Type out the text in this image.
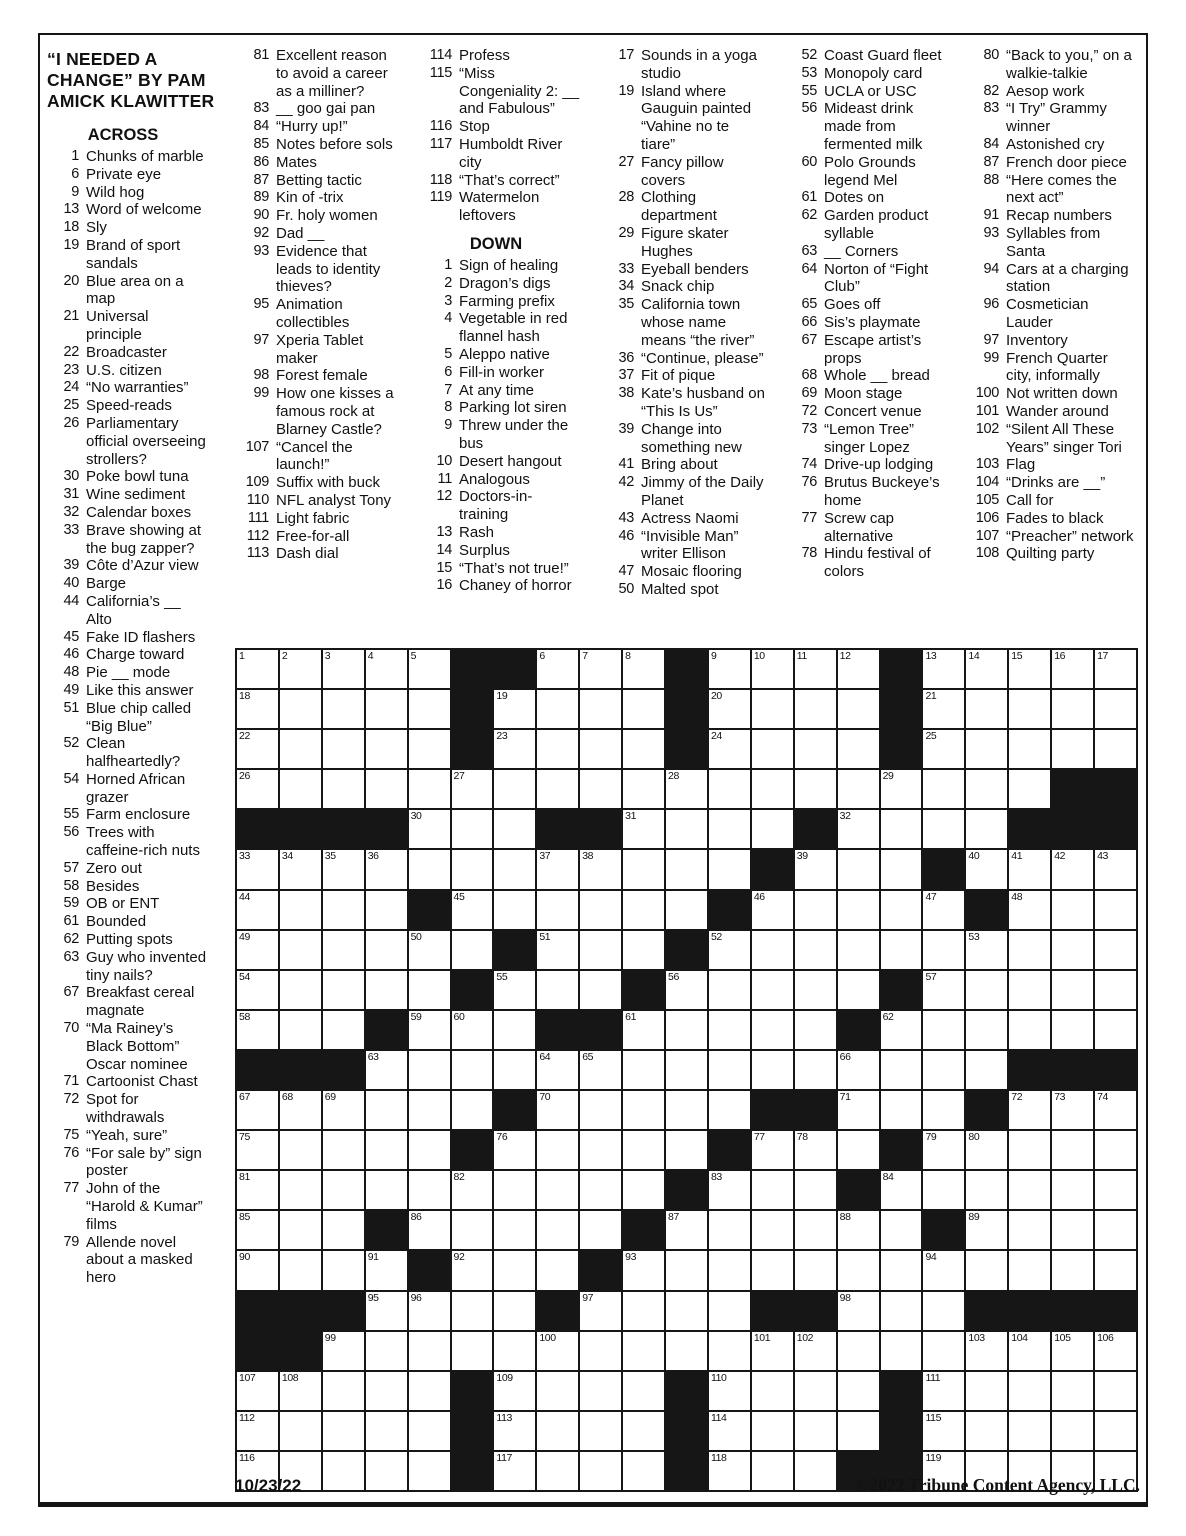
“I NEEDED A CHANGE” BY PAM AMICK KLAWITTER
ACROSS
1 Chunks of marble
6 Private eye
9 Wild hog
13 Word of welcome
18 Sly
19 Brand of sport sandals
20 Blue area on a map
21 Universal principle
22 Broadcaster
23 U.S. citizen
24 “No warranties”
25 Speed-reads
26 Parliamentary official overseeing strollers?
30 Poke bowl tuna
31 Wine sediment
32 Calendar boxes
33 Brave showing at the bug zapper?
39 Côte d’Azur view
40 Barge
44 California’s __ Alto
45 Fake ID flashers
46 Charge toward
48 Pie __ mode
49 Like this answer
51 Blue chip called “Big Blue”
52 Clean halfheartedly?
54 Horned African grazer
55 Farm enclosure
56 Trees with caffeine-rich nuts
57 Zero out
58 Besides
59 OB or ENT
61 Bounded
62 Putting spots
63 Guy who invented tiny nails?
67 Breakfast cereal magnate
70 “Ma Rainey’s Black Bottom” Oscar nominee
71 Cartoonist Chast
72 Spot for withdrawals
75 “Yeah, sure”
76 “For sale by” sign poster
77 John of the “Harold & Kumar” films
79 Allende novel about a masked hero
81 Excellent reason to avoid a career as a milliner?
83 __ goo gai pan
84 “Hurry up!”
85 Notes before sols
86 Mates
87 Betting tactic
89 Kin of -trix
90 Fr. holy women
92 Dad __
93 Evidence that leads to identity thieves?
95 Animation collectibles
97 Xperia Tablet maker
98 Forest female
99 How one kisses a famous rock at Blarney Castle?
107 “Cancel the launch!”
109 Suffix with buck
110 NFL analyst Tony
111 Light fabric
112 Free-for-all
113 Dash dial
114 Profess
115 “Miss Congeniality 2: __ and Fabulous”
116 Stop
117 Humboldt River city
118 “That’s correct”
119 Watermelon leftovers
DOWN
1 Sign of healing
2 Dragon’s digs
3 Farming prefix
4 Vegetable in red flannel hash
5 Aleppo native
6 Fill-in worker
7 At any time
8 Parking lot siren
9 Threw under the bus
10 Desert hangout
11 Analogous
12 Doctors-in-training
13 Rash
14 Surplus
15 “That’s not true!”
16 Chaney of horror
17 Sounds in a yoga studio
19 Island where Gauguin painted “Vahine no te tiare”
27 Fancy pillow covers
28 Clothing department
29 Figure skater Hughes
33 Eyeball benders
34 Snack chip
35 California town whose name means “the river”
36 “Continue, please”
37 Fit of pique
38 Kate’s husband on “This Is Us”
39 Change into something new
41 Bring about
42 Jimmy of the Daily Planet
43 Actress Naomi
46 “Invisible Man” writer Ellison
47 Mosaic flooring
50 Malted spot
52 Coast Guard fleet
53 Monopoly card
55 UCLA or USC
56 Mideast drink made from fermented milk
60 Polo Grounds legend Mel
61 Dotes on
62 Garden product syllable
63 __ Corners
64 Norton of “Fight Club”
65 Goes off
66 Sis’s playmate
67 Escape artist’s props
68 Whole __ bread
69 Moon stage
72 Concert venue
73 “Lemon Tree” singer Lopez
74 Drive-up lodging
76 Brutus Buckeye’s home
77 Screw cap alternative
78 Hindu festival of colors
80 “Back to you,” on a walkie-talkie
82 Aesop work
83 “I Try” Grammy winner
84 Astonished cry
87 French door piece
88 “Here comes the next act”
91 Recap numbers
93 Syllables from Santa
94 Cars at a charging station
96 Cosmetician Lauder
97 Inventory
99 French Quarter city, informally
100 Not written down
101 Wander around
102 “Silent All These Years” singer Tori
103 Flag
104 “Drinks are __”
105 Call for
106 Fades to black
107 “Preacher” network
108 Quilting party
1	2	3	4	5	6	7	8	9	10	11	12	13	14	15	16	17
18	19	20	21
22	23	24	25
26	27	28	29
30	31	32
33	34	35	36	37	38	39	40	41	42	43
44	45	46	47	48
49	50	51	52	53
54	55	56	57
58	59	60	61	62
63	64	65	66
67	68	69	70	71	72	73	74
75	76	77	78	79	80
81	82	83	84
85	86	87	88	89
90	91	92	93	94
95	96	97	98
99	100	101	102	103	104	105	106
107	108	109	110	111
112	113	114	115
116	117	118	119
10/23/22	©2022 Tribune Content Agency, LLC.
